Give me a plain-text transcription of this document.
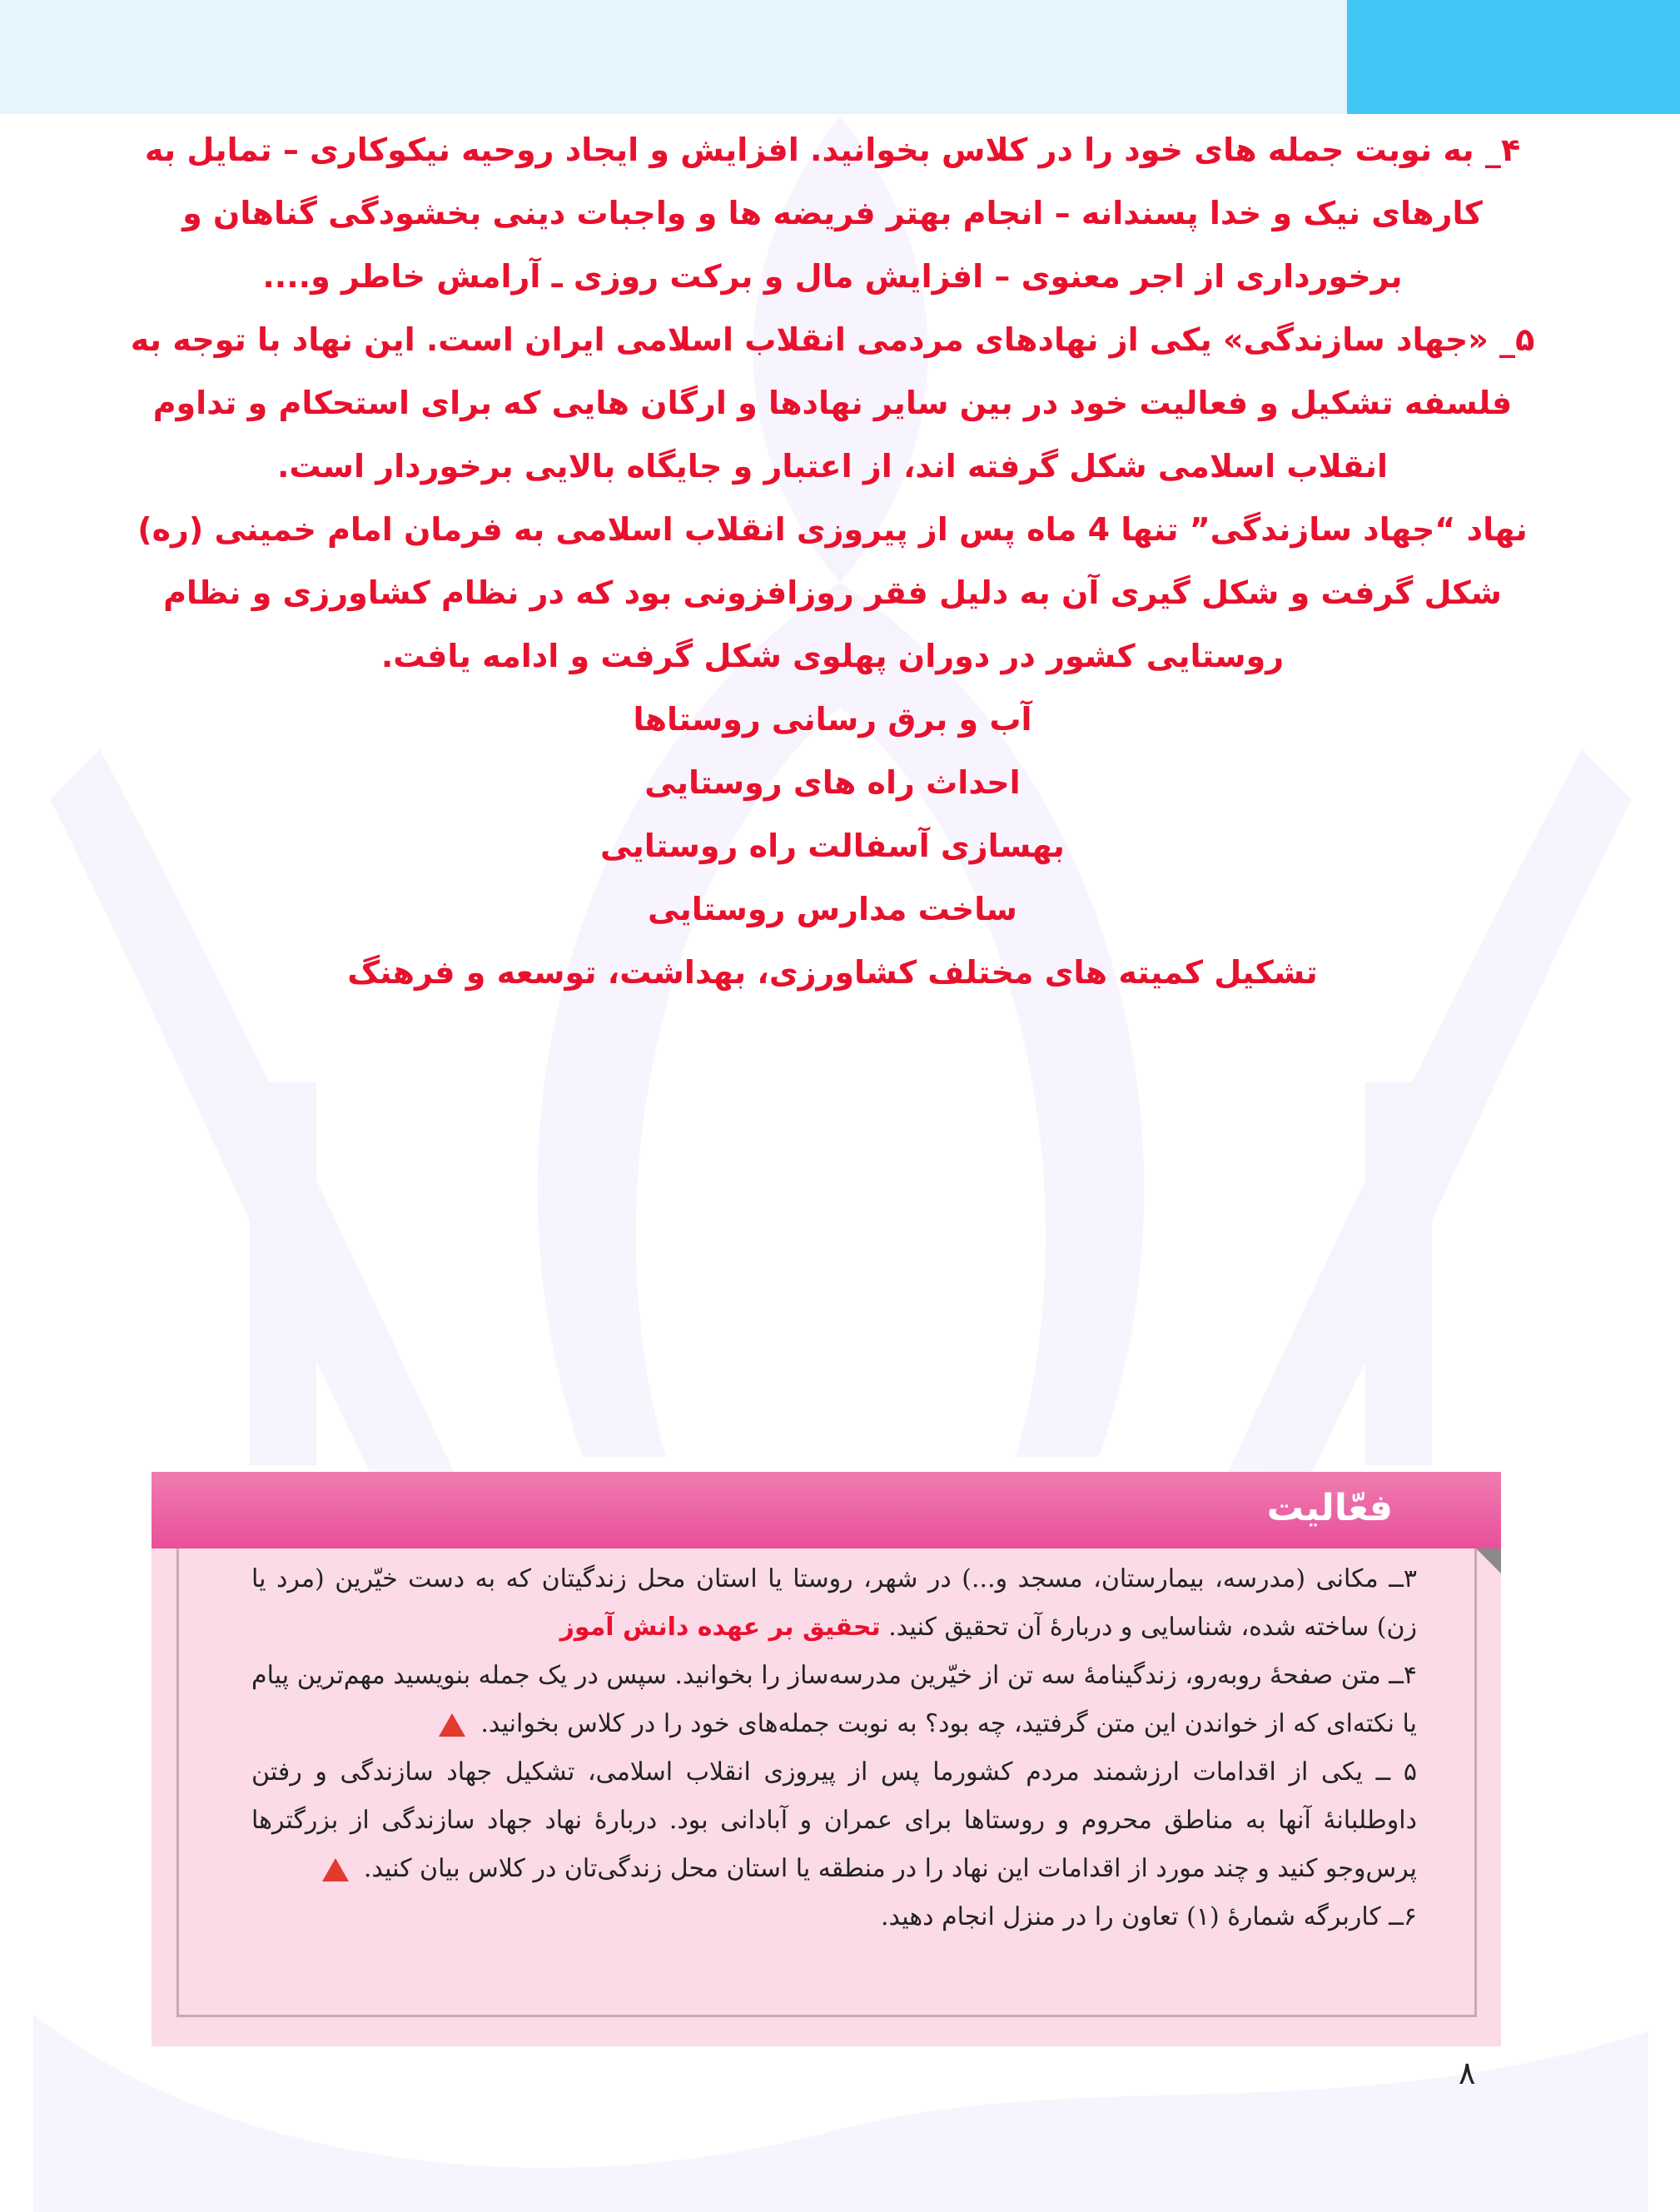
۴_ به نوبت جمله های خود را در کلاس بخوانید. افزایش و ایجاد روحیه نیکوکاری – تمایل به کارهای نیک و خدا پسندانه – انجام بهتر فریضه ها و واجبات دینی بخشودگی گناهان و برخورداری از اجر معنوی – افزایش مال و برکت روزی ـ آرامش خاطر و....

۵_ «جهاد سازندگی» یکی از نهادهای مردمی انقلاب اسلامی ایران است. این نهاد با توجه به فلسفه تشکیل و فعالیت خود در بین سایر نهادها و ارگان هایی که برای استحکام و تداوم انقلاب اسلامی شکل گرفته اند، از اعتبار و جایگاه بالایی برخوردار است.

نهاد “جهاد سازندگی” تنها 4 ماه پس از پیروزی انقلاب اسلامی به فرمان امام خمینی (ره) شکل گرفت و شکل گیری آن به دلیل فقر روزافزونی بود که در نظام کشاورزی و نظام روستایی کشور در دوران پهلوی شکل گرفت و ادامه یافت.

آب و برق رسانی روستاها

احداث راه های روستایی

بهسازی آسفالت راه روستایی

ساخت مدارس روستایی

تشکیل کمیته های مختلف کشاورزی، بهداشت، توسعه و فرهنگ

فعّالیت

۳ــ مکانی (مدرسه، بیمارستان، مسجد و...) در شهر، روستا یا استان محل زندگیتان که به دست خیّرین (مرد یا زن) ساخته شده، شناسایی و دربارهٔ آن تحقیق کنید. تحقیق بر عهده دانش آموز

۴ــ متن صفحهٔ روبه‌رو، زندگینامهٔ سه تن از خیّرین مدرسه‌ساز را بخوانید. سپس در یک جمله بنویسید مهم‌ترین پیام یا نکته‌ای که از خواندن این متن گرفتید، چه بود؟ به نوبت جمله‌های خود را در کلاس بخوانید.

۵ ــ یکی از اقدامات ارزشمند مردم کشورما پس از پیروزی انقلاب اسلامی، تشکیل جهاد سازندگی و رفتن داوطلبانهٔ آنها به مناطق محروم و روستاها برای عمران و آبادانی بود. دربارهٔ نهاد جهاد سازندگی از بزرگترها پرس‌وجو کنید و چند مورد از اقدامات این نهاد را در منطقه یا استان محل زندگی‌تان در کلاس بیان کنید.

۶ــ کاربرگه شمارهٔ (۱) تعاون را در منزل انجام دهید.

۸
